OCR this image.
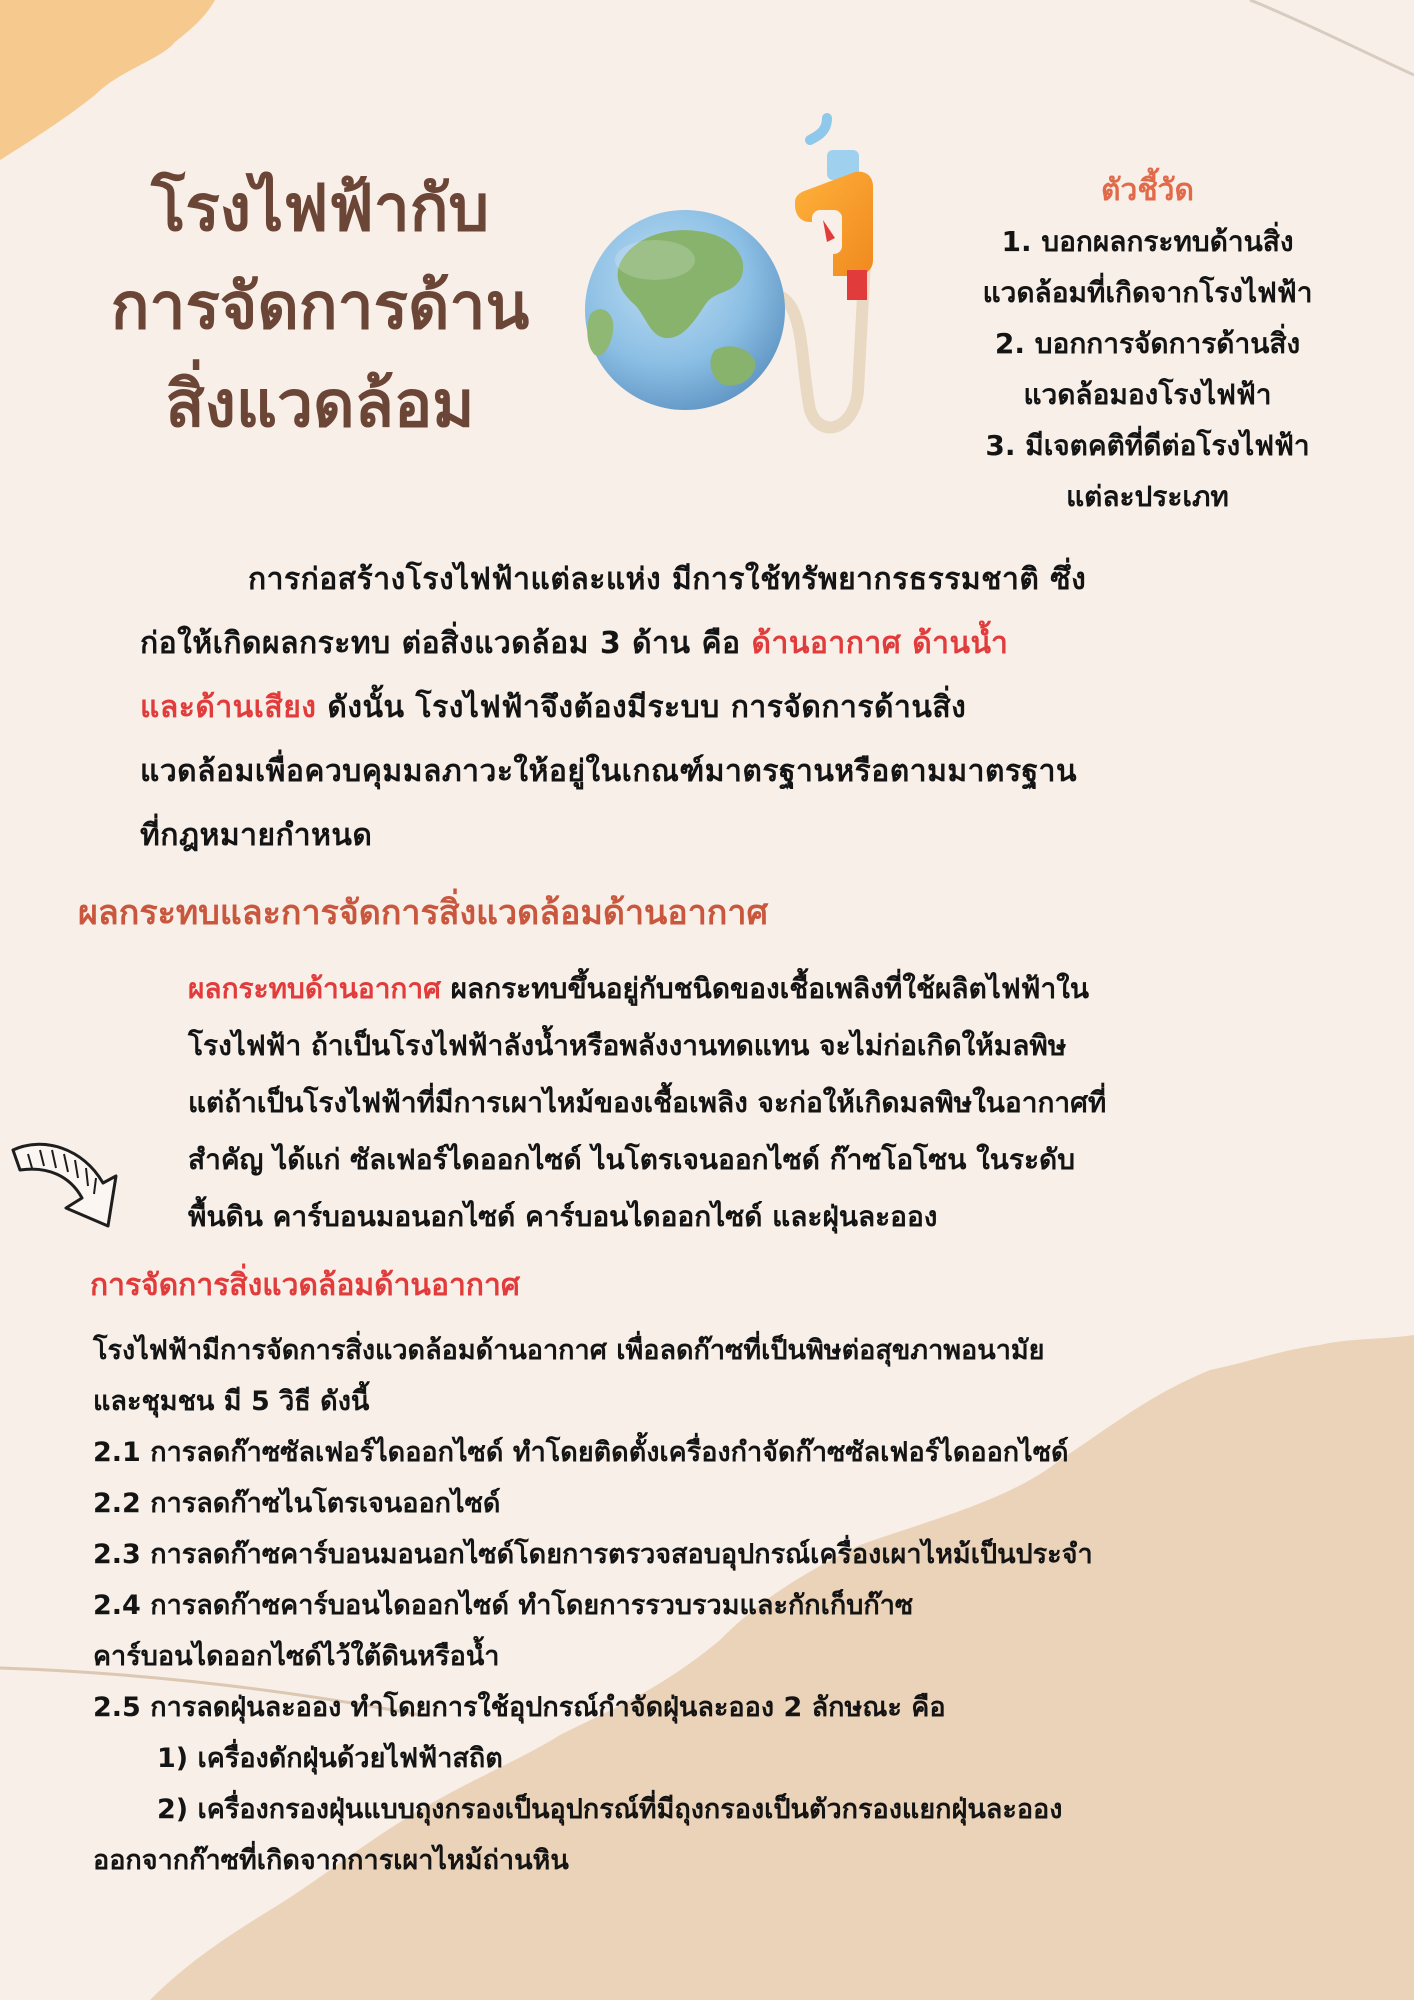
โรงไฟฟ้ากับ
การจัดการด้าน
สิ่งแวดล้อม
ตัวชี้วัด
1. บอกผลกระทบด้านสิ่ง
แวดล้อมที่เกิดจากโรงไฟฟ้า
2. บอกการจัดการด้านสิ่ง
แวดล้อมองโรงไฟฟ้า
3. มีเจตคติที่ดีต่อโรงไฟฟ้า
แต่ละประเภท
การก่อสร้างโรงไฟฟ้าแต่ละแห่ง มีการใช้ทรัพยากรธรรมชาติ ซึ่ง
ก่อให้เกิดผลกระทบ ต่อสิ่งแวดล้อม 3 ด้าน คือ ด้านอากาศ ด้านน้ำ
และด้านเสียง ดังนั้น โรงไฟฟ้าจึงต้องมีระบบ การจัดการด้านสิ่ง
แวดล้อมเพื่อควบคุมมลภาวะให้อยู่ในเกณฑ์มาตรฐานหรือตามมาตรฐาน
ที่กฎหมายกำหนด
ผลกระทบและการจัดการสิ่งแวดล้อมด้านอากาศ
ผลกระทบด้านอากาศ ผลกระทบขึ้นอยู่กับชนิดของเชื้อเพลิงที่ใช้ผลิตไฟฟ้าใน
โรงไฟฟ้า ถ้าเป็นโรงไฟฟ้าลังน้ำหรือพลังงานทดแทน จะไม่ก่อเกิดให้มลพิษ
แต่ถ้าเป็นโรงไฟฟ้าที่มีการเผาไหม้ของเชื้อเพลิง จะก่อให้เกิดมลพิษในอากาศที่
สำคัญ ได้แก่ ซัลเฟอร์ไดออกไซด์ ไนโตรเจนออกไซด์ ก๊าซโอโซน ในระดับ
พื้นดิน คาร์บอนมอนอกไซด์ คาร์บอนไดออกไซด์ และฝุ่นละออง
การจัดการสิ่งแวดล้อมด้านอากาศ
โรงไฟฟ้ามีการจัดการสิ่งแวดล้อมด้านอากาศ เพื่อลดก๊าซที่เป็นพิษต่อสุขภาพอนามัย
และชุมชน มี 5 วิธี ดังนี้
2.1 การลดก๊าซซัลเฟอร์ไดออกไซด์ ทำโดยติดตั้งเครื่องกำจัดก๊าซซัลเฟอร์ไดออกไซด์
2.2 การลดก๊าซไนโตรเจนออกไซด์
2.3 การลดก๊าซคาร์บอนมอนอกไซด์โดยการตรวจสอบอุปกรณ์เครื่องเผาไหม้เป็นประจำ
2.4 การลดก๊าซคาร์บอนไดออกไซด์ ทำโดยการรวบรวมและกักเก็บก๊าซ
คาร์บอนไดออกไซด์ไว้ใต้ดินหรือน้ำ
2.5 การลดฝุ่นละออง ทำโดยการใช้อุปกรณ์กำจัดฝุ่นละออง 2 ลักษณะ คือ
1) เครื่องดักฝุ่นด้วยไฟฟ้าสถิต
2) เครื่องกรองฝุ่นแบบถุงกรองเป็นอุปกรณ์ที่มีถุงกรองเป็นตัวกรองแยกฝุ่นละออง
ออกจากก๊าซที่เกิดจากการเผาไหม้ถ่านหิน
